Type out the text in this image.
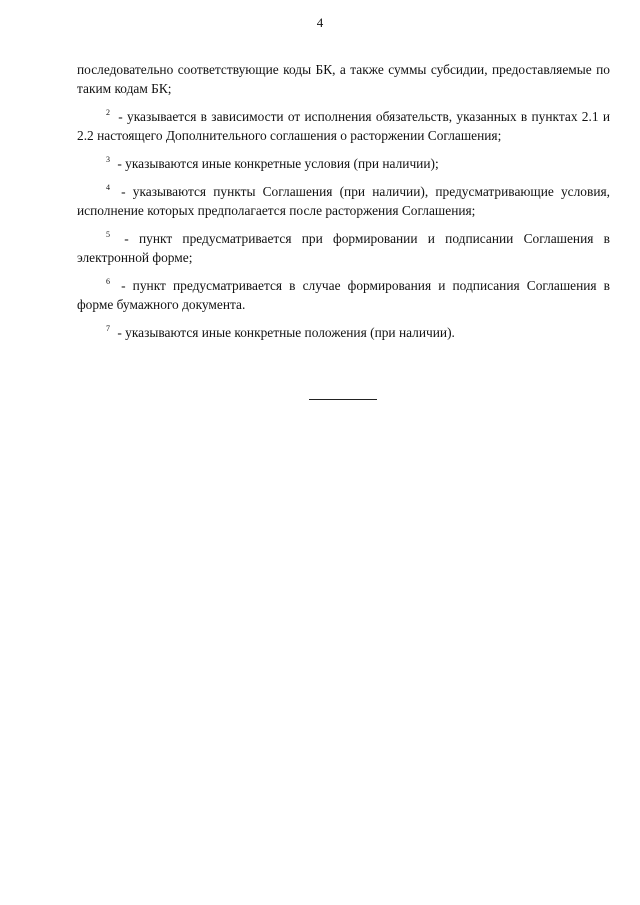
4

последовательно соответствующие коды БК, а также суммы субсидии, предоставляемые по таким кодам БК;

$^2$ - указывается в зависимости от исполнения обязательств, указанных в пунктах 2.1 и 2.2 настоящего Дополнительного соглашения о расторжении Соглашения;

$^3$ - указываются иные конкретные условия (при наличии);

$^4$ - указываются пункты Соглашения (при наличии), предусматривающие условия, исполнение которых предполагается после расторжения Соглашения;

$^5$ - пункт предусматривается при формировании и подписании Соглашения в электронной форме;

$^6$ - пункт предусматривается в случае формирования и подписания Соглашения в форме бумажного документа.

$^7$ - указываются иные конкретные положения (при наличии).
